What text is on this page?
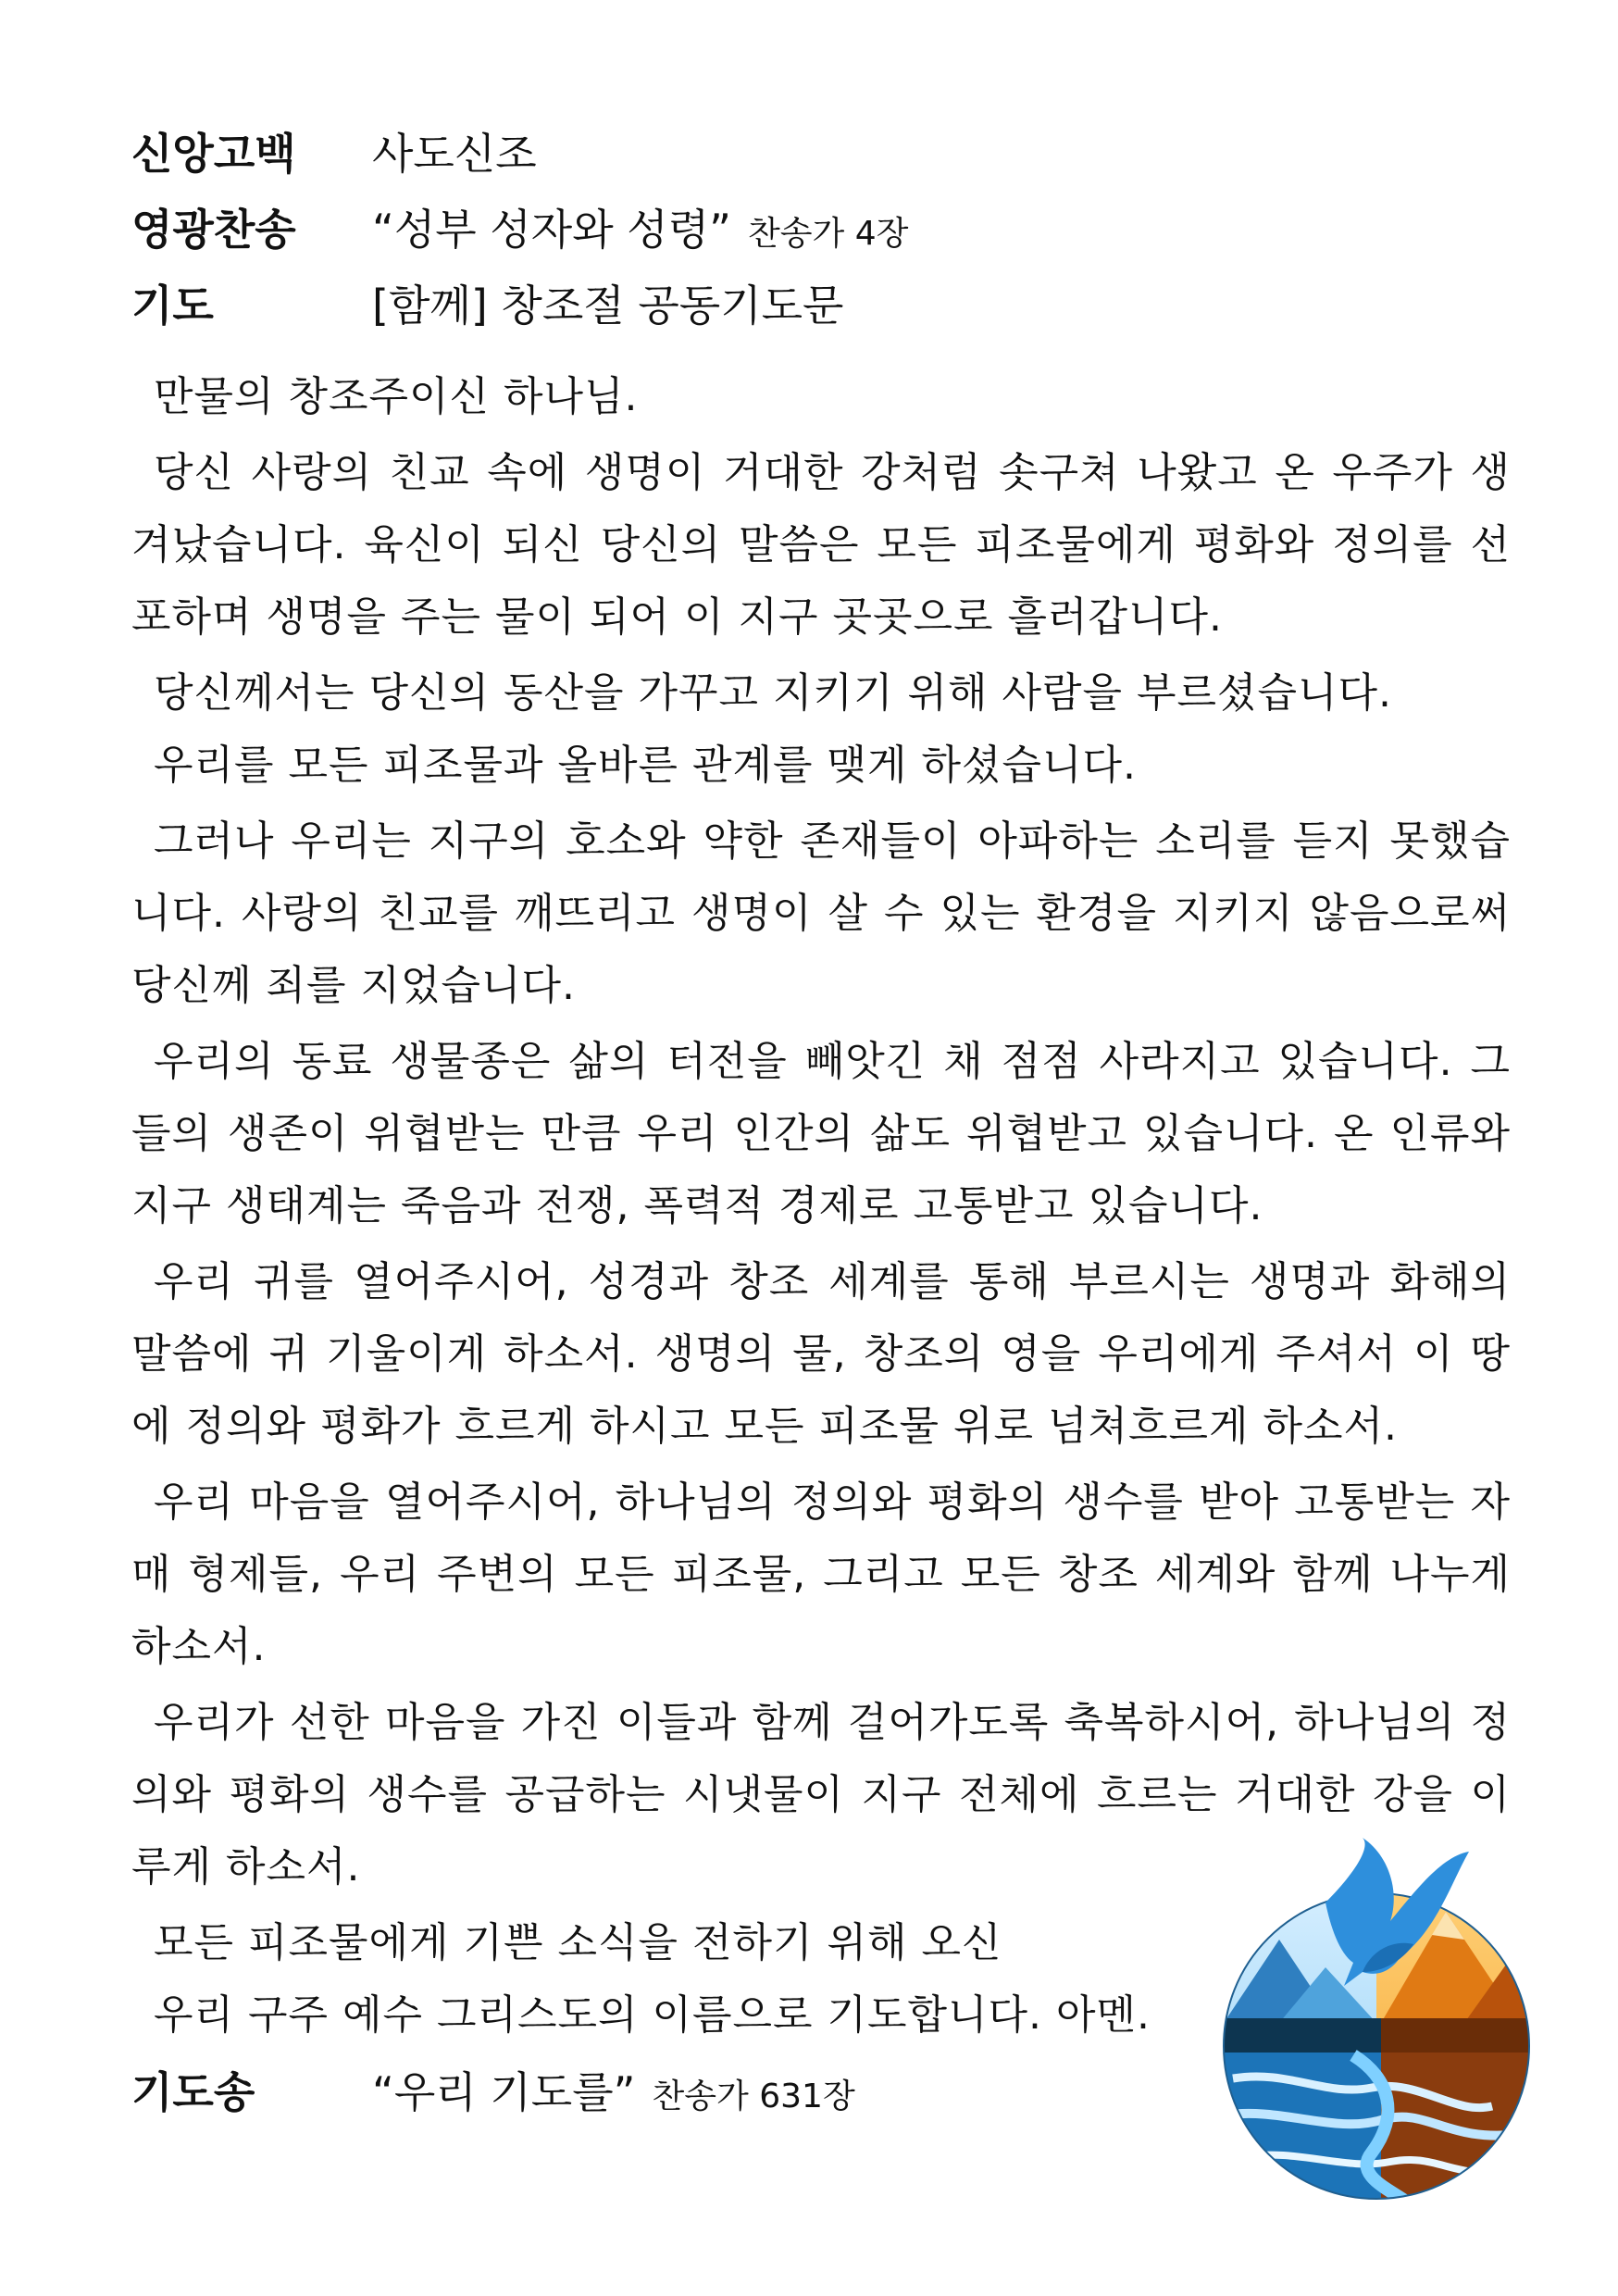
신앙고백	사도신조
영광찬송	“성부 성자와 성령” 찬송가 4장
기도	[함께] 창조절 공동기도문
만물의 창조주이신 하나님.
당신 사랑의 친교 속에 생명이 거대한 강처럼 솟구쳐 나왔고 온 우주가 생겨났습니다. 육신이 되신 당신의 말씀은 모든 피조물에게 평화와 정의를 선포하며 생명을 주는 물이 되어 이 지구 곳곳으로 흘러갑니다.
당신께서는 당신의 동산을 가꾸고 지키기 위해 사람을 부르셨습니다.
우리를 모든 피조물과 올바른 관계를 맺게 하셨습니다.
그러나 우리는 지구의 호소와 약한 존재들이 아파하는 소리를 듣지 못했습니다. 사랑의 친교를 깨뜨리고 생명이 살 수 있는 환경을 지키지 않음으로써 당신께 죄를 지었습니다.
우리의 동료 생물종은 삶의 터전을 빼앗긴 채 점점 사라지고 있습니다. 그들의 생존이 위협받는 만큼 우리 인간의 삶도 위협받고 있습니다. 온 인류와 지구 생태계는 죽음과 전쟁, 폭력적 경제로 고통받고 있습니다.
우리 귀를 열어주시어, 성경과 창조 세계를 통해 부르시는 생명과 화해의 말씀에 귀 기울이게 하소서. 생명의 물, 창조의 영을 우리에게 주셔서 이 땅에 정의와 평화가 흐르게 하시고 모든 피조물 위로 넘쳐흐르게 하소서.
우리 마음을 열어주시어, 하나님의 정의와 평화의 생수를 받아 고통받는 자매 형제들, 우리 주변의 모든 피조물, 그리고 모든 창조 세계와 함께 나누게 하소서.
우리가 선한 마음을 가진 이들과 함께 걸어가도록 축복하시어, 하나님의 정의와 평화의 생수를 공급하는 시냇물이 지구 전체에 흐르는 거대한 강을 이루게 하소서.
모든 피조물에게 기쁜 소식을 전하기 위해 오신
우리 구주 예수 그리스도의 이름으로 기도합니다. 아멘.
기도송	“우리 기도를” 찬송가 631장
